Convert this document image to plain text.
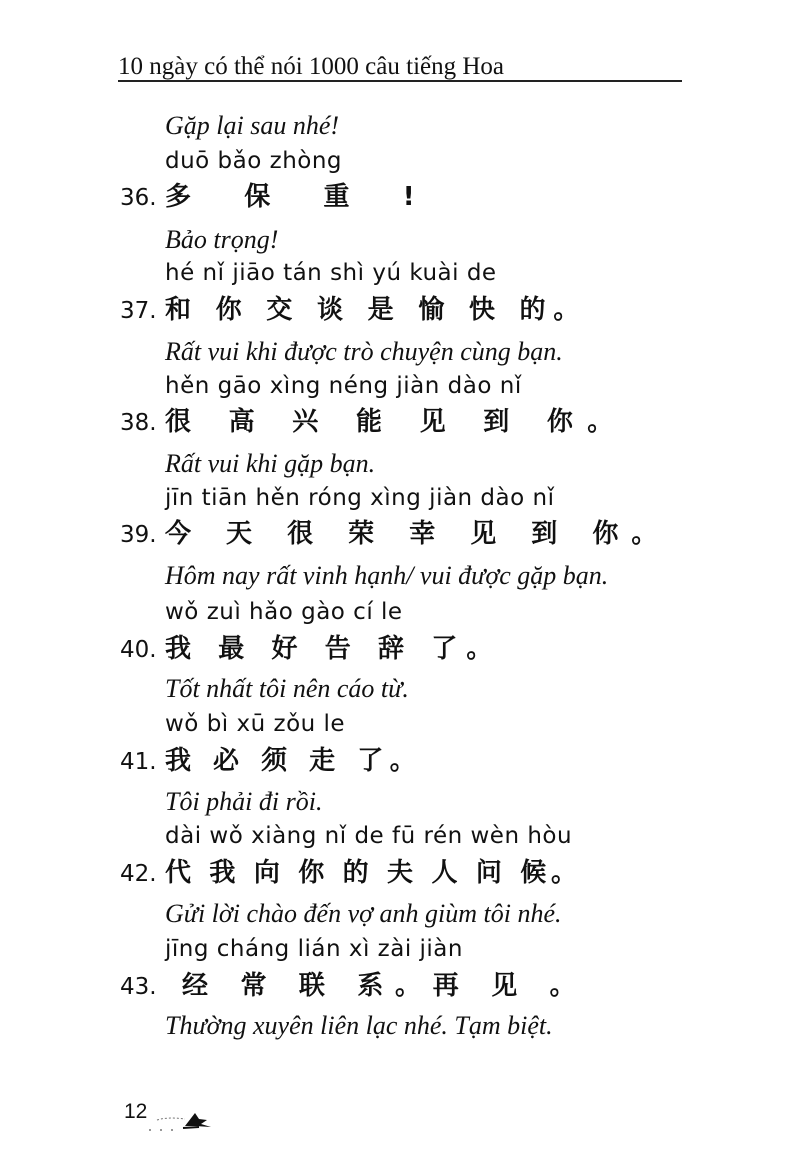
10 ngày có thể nói 1000 câu tiếng Hoa
Gặp lại sau nhé!
duō bǎo zhòng
36. 多 保 重 !
Bảo trọng!
hé nǐ jiāo tán shì yú kuài de
37. 和 你 交 谈 是 愉 快 的。
Rất vui khi được trò chuyện cùng bạn.
hěn gāo xìng néng jiàn dào nǐ
38. 很 高 兴 能 见 到 你。
Rất vui khi gặp bạn.
jīn tiān hěn róng xìng jiàn dào nǐ
39. 今 天 很 荣 幸 见 到 你。
Hôm nay rất vinh hạnh/ vui được gặp bạn.
wǒ zuì hǎo gào cí le
40. 我 最 好 告 辞 了。
Tốt nhất tôi nên cáo từ.
wǒ bì xū zǒu le
41. 我 必 须 走 了。
Tôi phải đi rồi.
dài wǒ xiàng nǐ de fū rén wèn hòu
42. 代 我 向 你 的 夫 人 问 候。
Gửi lời chào đến vợ anh giùm tôi nhé.
jīng cháng lián xì zài jiàn
43. 经 常 联 系。再 见 。
Thường xuyên liên lạc nhé. Tạm biệt.
12
